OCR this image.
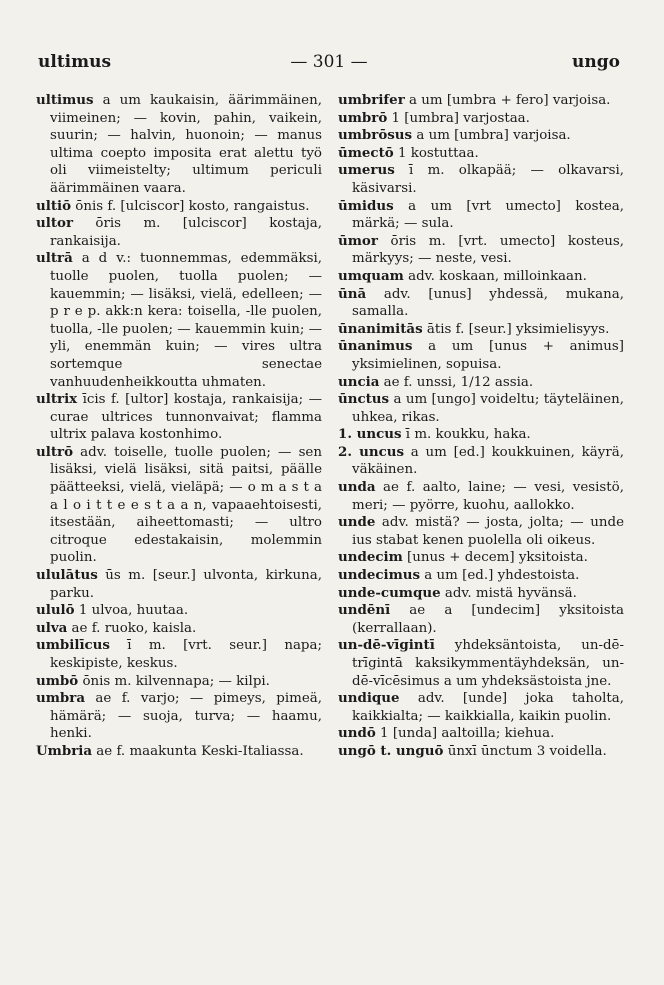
ultimus	— 301 —	ungo

ultimus a um kaukaisin, äärimmäinen, viimeinen; — kovin, pahin, vaikein, suurin; — halvin, huonoin; — manus ultima coepto imposita erat alettu työ oli viimeistelty; ultimum periculi äärimmäinen vaara.

ultiō ōnis f. [ulciscor] kosto, rangaistus.

ultor ōris m. [ulciscor] kostaja, rankaisija.

ultrā a d v.: tuonnemmas, edemmäksi, tuolle puolen, tuolla puolen; — kauemmin; — lisäksi, vielä, edelleen; — p r e p. akk:n kera: toisella, -lle puolen, tuolla, -lle puolen; — kauemmin kuin; — yli, enemmän kuin; — vires ultra sortemque senectae vanhuudenheikkoutta uhmaten.

ultrix īcis f. [ultor] kostaja, rankaisija; — curae ultrices tunnonvaivat; flamma ultrix palava kostonhimo.

ultrō adv. toiselle, tuolle puolen; — sen lisäksi, vielä lisäksi, sitä paitsi, päälle päätteeksi, vielä, vieläpä; — o m a s t a a l o i t t e e s t a a n, vapaaehtoisesti, itsestään, aiheettomasti; — ultro citroque edestakaisin, molemmin puolin.

ululātus ūs m. [seur.] ulvonta, kirkuna, parku.

ululō 1 ulvoa, huutaa.

ulva ae f. ruoko, kaisla.

umbilīcus ī m. [vrt. seur.] napa; keskipiste, keskus.

umbō ōnis m. kilvennapa; — kilpi.

umbra ae f. varjo; — pimeys, pimeä, hämärä; — suoja, turva; — haamu, henki.

Umbria ae f. maakunta Keski-Italiassa.

umbrifer a um [umbra + fero] varjoisa.

umbrō 1 [umbra] varjostaa.

umbrōsus a um [umbra] varjoisa.

ūmectō 1 kostuttaa.

umerus ī m. olkapää; — olkavarsi, käsivarsi.

ūmidus a um [vrt umecto] kostea, märkä; — sula.

ūmor ōris m. [vrt. umecto] kosteus, märkyys; — neste, vesi.

umquam adv. koskaan, milloinkaan.

ūnā adv. [unus] yhdessä, mukana, samalla.

ūnanimitās ātis f. [seur.] yksimielisyys.

ūnanimus a um [unus + animus] yksimielinen, sopuisa.

uncia ae f. unssi, 1/12 assia.

ūnctus a um [ungo] voideltu; täyteläinen, uhkea, rikas.

1. uncus ī m. koukku, haka.

2. uncus a um [ed.] koukkuinen, käyrä, väkäinen.

unda ae f. aalto, laine; — vesi, vesistö, meri; — pyörre, kuohu, aallokko.

unde adv. mistä? — josta, jolta; — unde ius stabat kenen puolella oli oikeus.

undecim [unus + decem] yksitoista.

undecimus a um [ed.] yhdestoista.

unde-cumque adv. mistä hyvänsä.

undēnī ae a [undecim] yksitoista (kerrallaan).

un-dē-vīgintī yhdeksäntoista, un-dē-trīgintā kaksikymmentäyhdeksän, un-dē-vīcēsimus a um yhdeksästoista jne.

undique adv. [unde] joka taholta, kaikkialta; — kaikkialla, kaikin puolin.

undō 1 [unda] aaltoilla; kiehua.

ungō t. unguō ūnxī ūnctum 3 voidella.
